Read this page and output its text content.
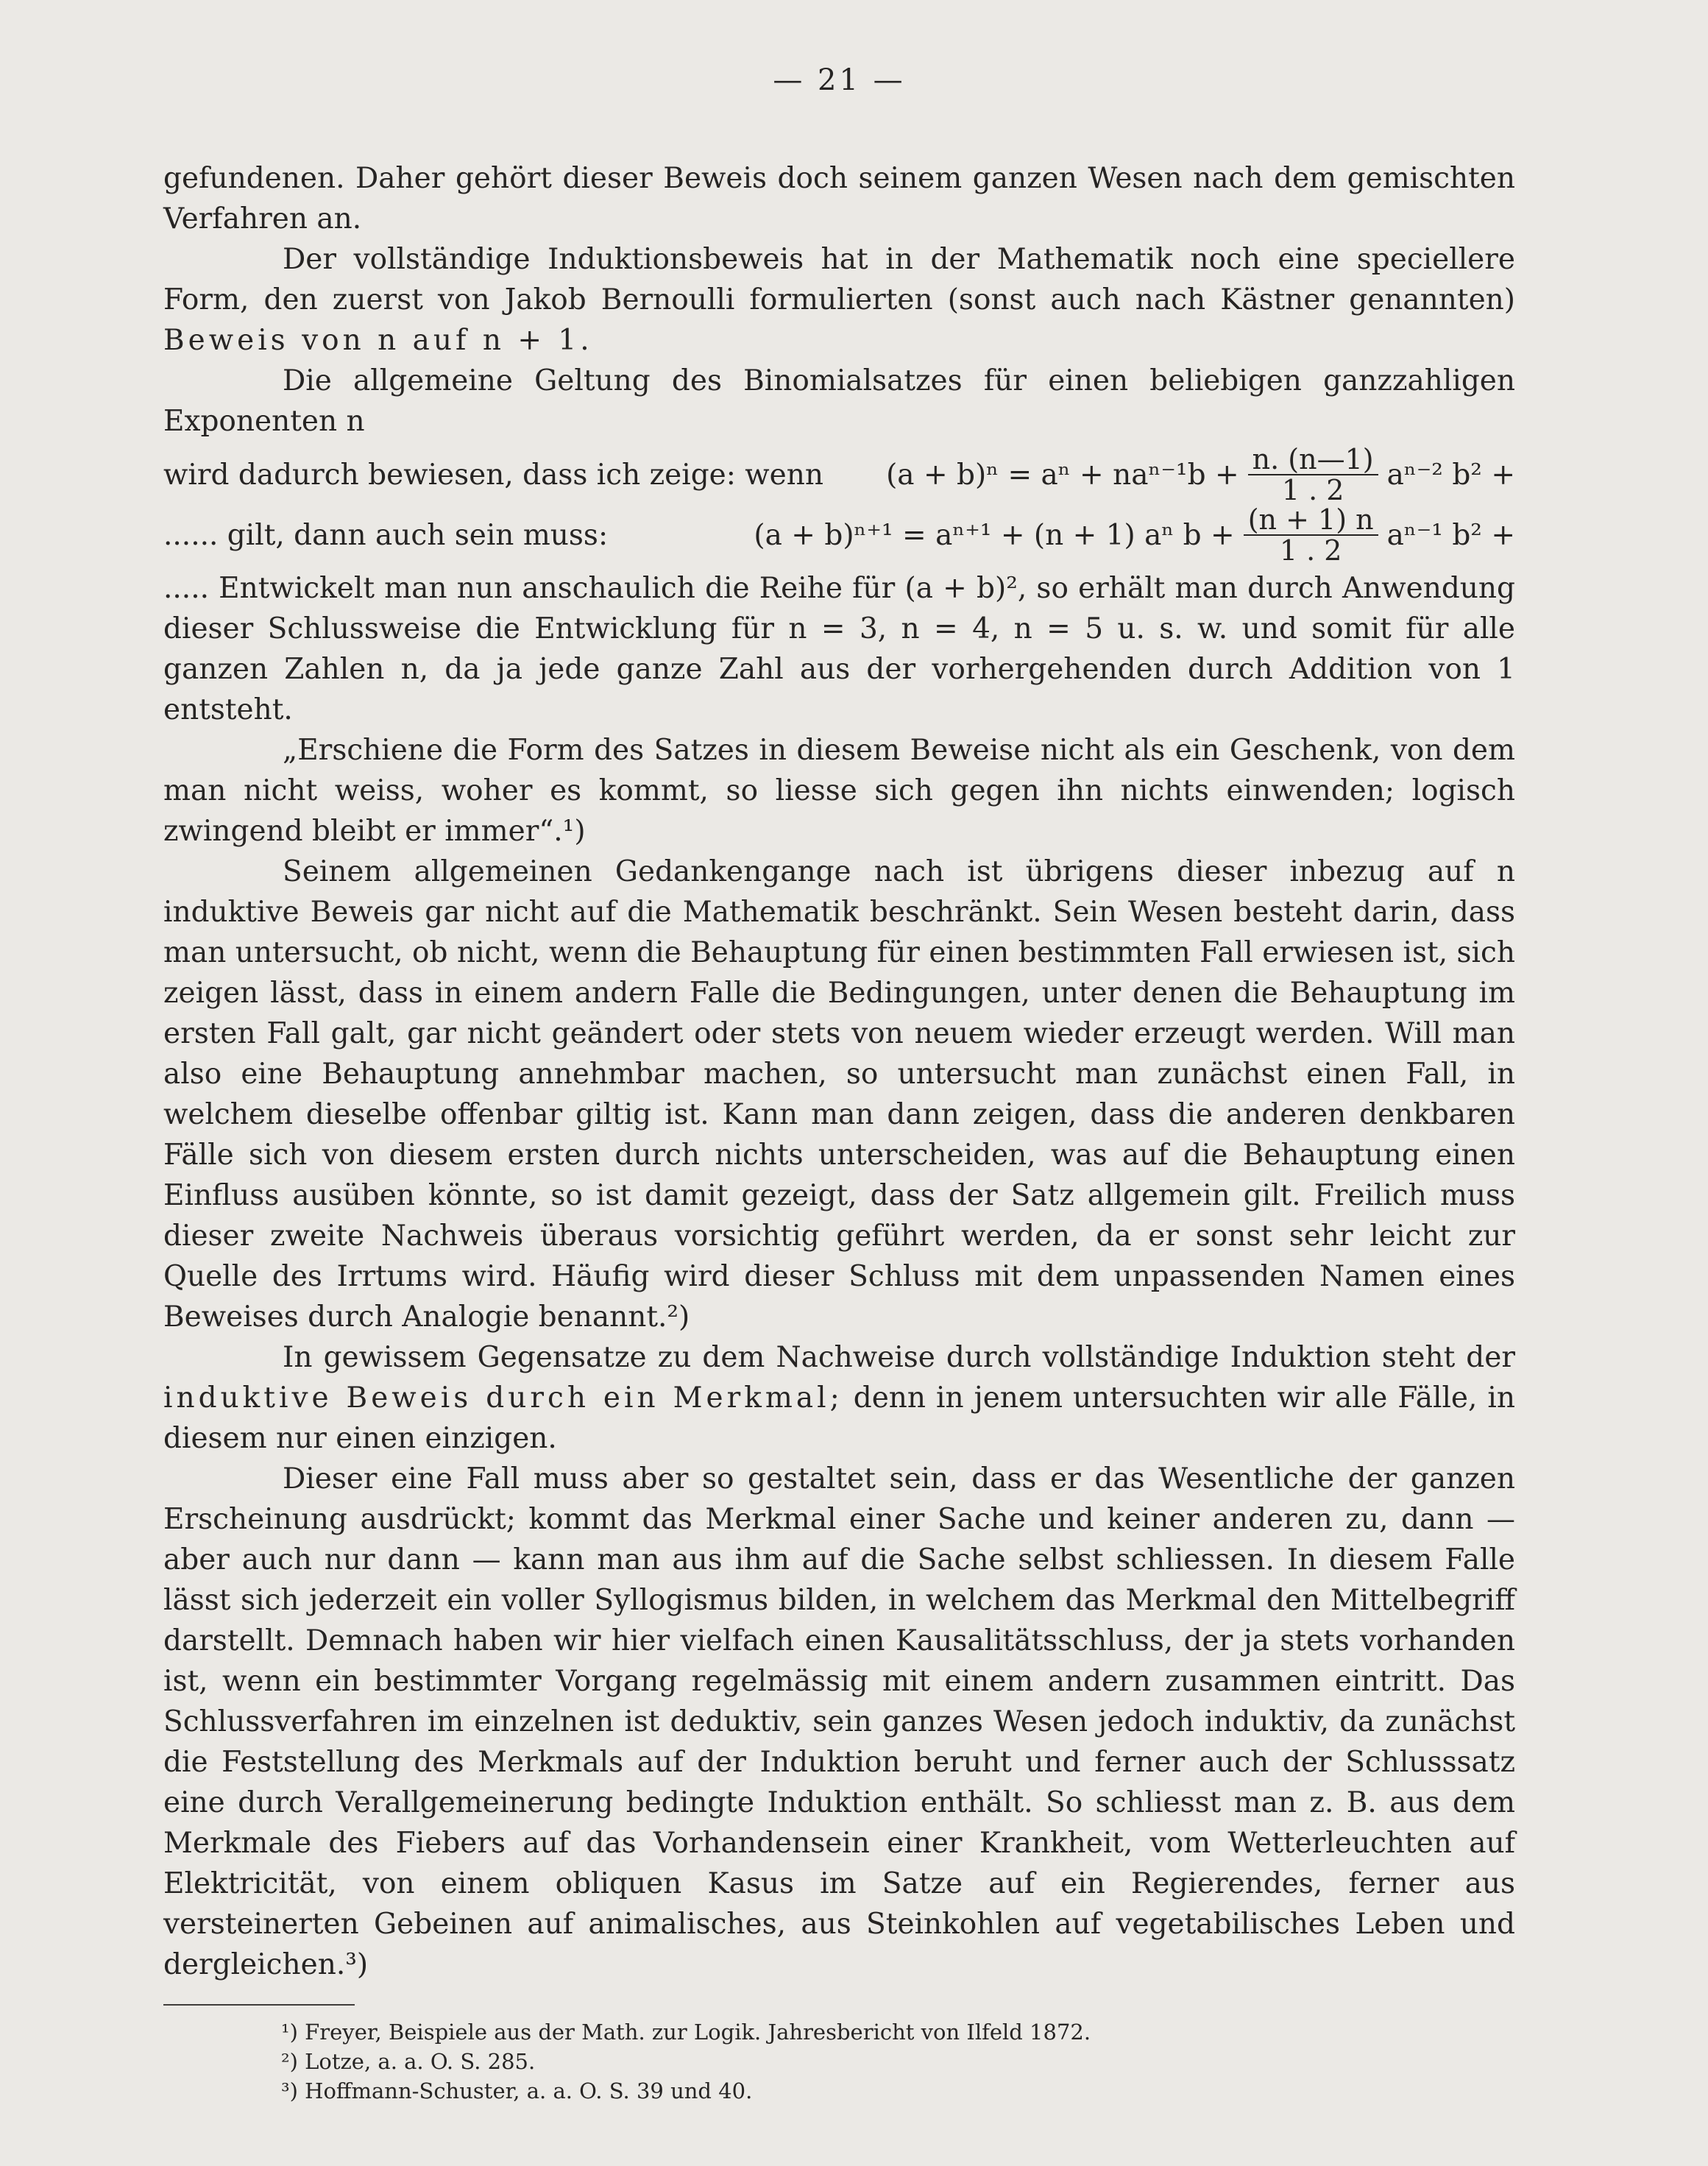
— 21 —

gefundenen. Daher gehört dieser Beweis doch seinem ganzen Wesen nach dem gemischten Verfahren an.

Der vollständige Induktionsbeweis hat in der Mathematik noch eine speciellere Form, den zuerst von Jakob Bernoulli formulierten (sonst auch nach Kästner genannten) Beweis von n auf n + 1.

Die allgemeine Geltung des Binomialsatzes für einen beliebigen ganzzahligen Exponenten n

wird dadurch bewiesen, dass ich zeige: wenn $(a + b)^n = a^n + na^{n-1}b + \frac{n. (n—1)}{1 . 2} a^{n-2}$ b² +
...... gilt, dann auch sein muss:	(a + b)ⁿ⁺¹ = aⁿ⁺¹ + (n + 1) aⁿ $b + \frac{(n + 1) n}{1 . 2} a^{n-1}$ b² +

..... Entwickelt man nun anschaulich die Reihe für (a + b)², so erhält man durch Anwendung dieser Schlussweise die Entwicklung für n = 3, n = 4, n = 5 u. s. w. und somit für alle ganzen Zahlen n, da ja jede ganze Zahl aus der vorhergehenden durch Addition von 1 entsteht.

„Erschiene die Form des Satzes in diesem Beweise nicht als ein Geschenk, von dem man nicht weiss, woher es kommt, so liesse sich gegen ihn nichts einwenden; logisch zwingend bleibt er immer“.¹)

Seinem allgemeinen Gedankengange nach ist übrigens dieser inbezug auf n induktive Beweis gar nicht auf die Mathematik beschränkt. Sein Wesen besteht darin, dass man untersucht, ob nicht, wenn die Behauptung für einen bestimmten Fall erwiesen ist, sich zeigen lässt, dass in einem andern Falle die Bedingungen, unter denen die Behauptung im ersten Fall galt, gar nicht geändert oder stets von neuem wieder erzeugt werden. Will man also eine Behauptung annehmbar machen, so untersucht man zunächst einen Fall, in welchem dieselbe offenbar giltig ist. Kann man dann zeigen, dass die anderen denkbaren Fälle sich von diesem ersten durch nichts unterscheiden, was auf die Behauptung einen Einfluss ausüben könnte, so ist damit gezeigt, dass der Satz allgemein gilt. Freilich muss dieser zweite Nachweis überaus vorsichtig geführt werden, da er sonst sehr leicht zur Quelle des Irrtums wird. Häufig wird dieser Schluss mit dem unpassenden Namen eines Beweises durch Analogie benannt.²)

In gewissem Gegensatze zu dem Nachweise durch vollständige Induktion steht der induktive Beweis durch ein Merkmal; denn in jenem untersuchten wir alle Fälle, in diesem nur einen einzigen.

Dieser eine Fall muss aber so gestaltet sein, dass er das Wesentliche der ganzen Erscheinung ausdrückt; kommt das Merkmal einer Sache und keiner anderen zu, dann — aber auch nur dann — kann man aus ihm auf die Sache selbst schliessen. In diesem Falle lässt sich jederzeit ein voller Syllogismus bilden, in welchem das Merkmal den Mittelbegriff darstellt. Demnach haben wir hier vielfach einen Kausalitätsschluss, der ja stets vorhanden ist, wenn ein bestimmter Vorgang regelmässig mit einem andern zusammen eintritt. Das Schlussverfahren im einzelnen ist deduktiv, sein ganzes Wesen jedoch induktiv, da zunächst die Feststellung des Merkmals auf der Induktion beruht und ferner auch der Schlusssatz eine durch Verallgemeinerung bedingte Induktion enthält. So schliesst man z. B. aus dem Merkmale des Fiebers auf das Vorhandensein einer Krankheit, vom Wetterleuchten auf Elektricität, von einem obliquen Kasus im Satze auf ein Regierendes, ferner aus versteinerten Gebeinen auf animalisches, aus Steinkohlen auf vegetabilisches Leben und dergleichen.³)

¹) Freyer, Beispiele aus der Math. zur Logik. Jahresbericht von Ilfeld 1872.
²) Lotze, a. a. O. S. 285.
³) Hoffmann-Schuster, a. a. O. S. 39 und 40.
